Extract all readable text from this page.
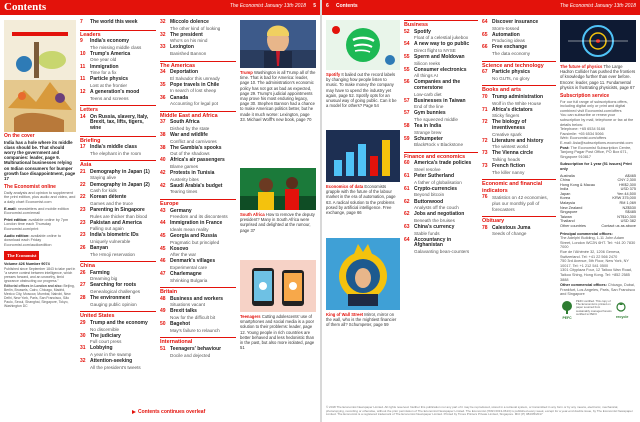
Contents	The Economist January 13th 2018 5
On the cover
India has a hole where its middle class should be. That should worry the government and companies: leader, page 9. Multinational businesses relying on Indian consumers for bumper growth face disappointment, page 17
The Economist online
Daily analysis and opinion to supplement the print edition, plus audio and video, and a daily chart Economist.com
E-mail: newsletters and mobile edition Economist.com/email
Print edition: available online by 7pm London time each Thursday Economist.com/print
Audio edition: available online to download each Friday Economist.com/audioedition
The Economist
Volume 426 Number 9074
Published since September 1843 to take part in "a severe contest between intelligence, which presses forward, and an unworthy, timid ignorance obstructing our progress."
Editorial offices in London and also: Beijing, Berlin, Brussels, Cairo, Chicago, Madrid, Mexico City, Moscow, Mumbai, Nairobi, New Delhi, New York, Paris, San Francisco, São Paulo, Seoul, Shanghai, Singapore, Tokyo, Washington DC
7	The world this week
Leaders
9	India's economy
The missing middle class
10 Trump's America
One year old
11 Immigration
Time for a fix
11 Particle physics
Lost at the frontier
12 A generation's mood
Teens and screens
Letters
14 On Russia, slavery, Italy, Brexit, tax, lifts, tigers, wine
Briefing
17 India's middle class
The elephant in the room
Asia
21 Demography in Japan (1)
Staying alive
22 Demography in Japan (2)
Cash for kids
22 Korean détente
Games and the truce
23 Parenting in Singapore
Rules are thicker than blood
23 Pakistan and America
Falling out again
23 India's biometric IDs
Uniquely vulnerable
26 Banyan
The Hmoji reservation
China
26 Farming
Dreaming big
27 Searching for roots
Genealogical challenges
28 The environment
Gauging public opinion
United States
29 Trump and the economy
No discernible
30 The judiciary
Full court press
31 Lobbying
A year in the swamp
32 Attention-seeking
All the president's tweets
32 Miccolo dolence
The other kind of looking
32 The president
Who's on his mind
33 Lexington
Banished Bannon
The Americas
34 Deportation
El Salvador this unready
35 Pope travels in Chile
In search of lost sheep
36 Canada
Accounting for legal pot
Middle East and Africa
37 South Africa
Dished by the state
38 War and wildlife
Conflict and carnivores
38 The Gambia's spooks
Out of the shadows
40 Africa's air passengers
Blame games
42 Protests in Tunisia
Austerity bites
42 Saudi Arabia's budget
Tearing times
Europe
43 Germany
Freedom and its discontents
44 Immigration in France
Ideals mean reality
45 Georgia and Russia
Pragmatic but principled
45 Kosovo
After the war
46 Denmark's villages
Experimental care
47 Charlemagne
Shrinking Bulgaria
Britain
48 Business and workers
Situations vacant
49 Brexit talks
Now for the difficult bit
50 Bagehot
May's failure to relaunch
International
51 Teenagers' behaviour
Docile and dejected
Trump Washington is all Trump all of the time. That is bad for America: leader, page 10. The administration's economic policy has not got as bad as expected, page 29. Trump's judicial appointments may prove his most enduring legacy, page 30. Stephen Bannon had a chance to make American politics better, but he made it much worse: Lexington, page 33. Michael Wolff's new book, page 70
South Africa How to remove the deputy president? Many in South Africa were surprised and delighted at the rumour, page 37
Teenagers Cutting adolescents' use of smartphones and social media is a poor solution to their problems: leader, page 12. Young people in rich countries are better behaved and less hedonistic than in the past, but also more isolated, page 51
Contents continues overleaf
6 Contents	The Economist January 13th 2018
Spotify It bailed out the record labels by changing how people listen to music. To make money the company may have to upend the industry yet again, page 52. Spotify opts for an unusual way of going public. Can it be a model for others? Page 54
Economics of data Economists grapple with the future of the labour market in the era of automation, page 63. A radical solution to the problems posed by artificial intelligence. Free exchange, page 66
King of Wall Street Mirror, mirror on the wall, who is the mightiest financier of them all? Schumpeter, page 59
Business
52 Spotify
Float of a celestial jukebox
54 A new way to go public
Direct flight to NYSE
55 Sperm and Moldovan
Silicon reeks
55 Consumer electronics
All things AI
56 Companies and the cornerstone
Low-carb diet
57 Businesses in Taiwan
End of the line
57 Gym bunnies
The squeezed middle
58 Tea in India
Strange brew
59 Schumpeter
BlackRock v Blackstone
Finance and economics
60 America's trade policies
Steel resolve
61 Peter Sutherland
A father of globalisation
61 Crypto-currencies
Beyond bitcoin
62 Buttonwood
Analysts off the couch
62 Jobs and negotiation
Beneath the bruises
63 China's currency
Stable funds
64 Accountancy in Afghanistan
Galavanting bean-counters
64 Discover insurance
Storm-tossed
65 Automation
Producing ideas
66 Free exchange
The data economy
Science and technology
67 Particle physics
No GUTs, no glory
Books and arts
70 Trump administration
Wolf in the White House
71 Africa's dictators
Sticky fingers
72 The biology of inventiveness
Creative spark
72 Literature and history
The wintest world
73 The Vienna circle
Talking heads
73 French fiction
The killer nanny
Economic and financial indicators
76 Statistics on 42 economies, plus our monthly poll of forecasters
Obituary
78 Calestous Juma
Seeds of change
The future of physics The Large Hadron Collider has pushed the frontiers of knowledge further than ever before. Encore: leader, page 11. Fundamental physics is frustrating physicists, page 67
Subscription service
For our full range of subscriptions offers, including digital only or print and digital combined visit Economist.com/offers
You can subscribe or renew your subscription by mail, telephone or fax at the details below:
Telephone: +65 6534 5166
Facsimile: +65 6534 5066
Web: Economist.com/offers
E-mail: Asia@subscriptions.economist.com
Post: The Economist Subscription Centre, Tanjong Pagar Post Office, PO Box 671, Singapore 910817
Subscription for 1 year (51 issues) Print only
Australia	A$465
China	CNY 2,300
Hong Kong & Macau	HK$2,300
India	USD 375
Japan	Yen 44,500
Korea	KRW 375,000
Malaysia	RM 1,069
New Zealand	NZ$530
Singapore	S$485
Taiwan	NT$10,300
Thailand	USD 382
Other countries	Contact us as above
Principal commercial offices:
The Adelphi Building, 1-11 John Adam Street, London WC2N 6HT. Tel: +44 20 7830 7000
Rue de l'Athénée 32, 1206 Geneva, Switzerland. Tel: +41 22 566 2470
750 3rd Avenue, 5th Floor, New York, NY 10017. Tel: +1 212 541 0500
1301 Cityplaza Four, 12 Taikoo Wan Road, Taikoo Shing, Hong Kong. Tel: +852 2585 3888
Other commercial offices: Chicago, Dubai, Frankfurt, Los Angeles, Paris, San Francisco and Singapore
PEFC
PEFC certified. This copy of The Economist is printed on paper sourced from sustainably managed forests certified to PEFC
recycle
© 2018 The Economist Newspaper Limited. All rights reserved. Neither this publication nor any part of it may be reproduced, stored in a retrieval system, or transmitted in any form or by any means, electronic, mechanical, photocopying, recording or otherwise, without the prior permission of The Economist Newspaper Limited. The Economist (ISSN 0013-0613) is published every week, except for a year-end double issue, by The Economist Newspaper Limited. The Economist is a registered trademark of The Economist Newspaper Limited. Printed by Times Printers Private Limited, Singapore. MCI (P) 084/05/2017
